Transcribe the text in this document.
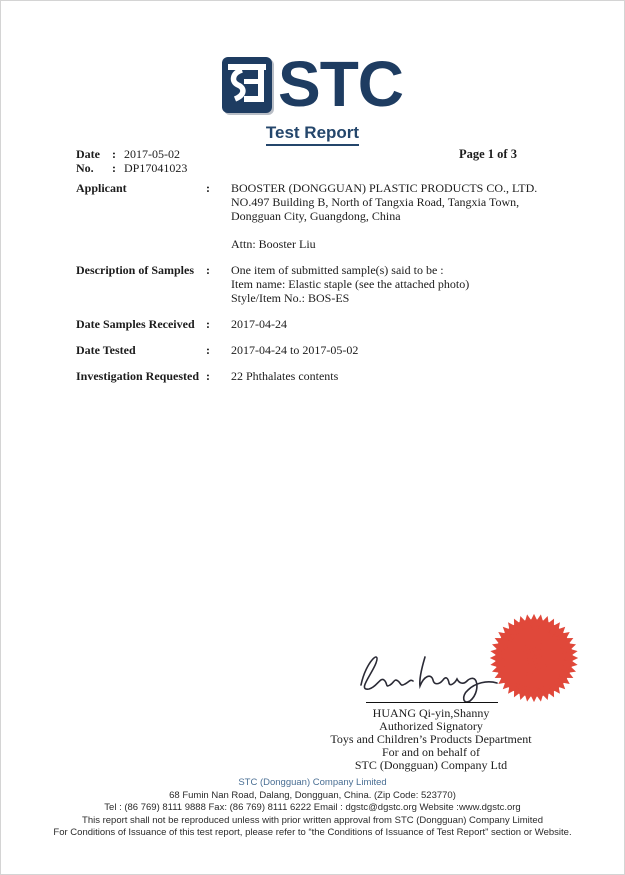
STC
Test Report
Date	: 2017-05-02
No.	: DP17041023
Page 1 of 3
Applicant	:	BOOSTER (DONGGUAN) PLASTIC PRODUCTS CO., LTD.
NO.497 Building B, North of Tangxia Road, Tangxia Town,
Dongguan City, Guangdong, China
Attn: Booster Liu
Description of Samples	:	One item of submitted sample(s) said to be :
Item name: Elastic staple (see the attached photo)
Style/Item No.: BOS-ES
Date Samples Received :	2017-04-24
Date Tested	:	2017-04-24 to 2017-05-02
Investigation Requested :	22 Phthalates contents
· STC (DONGGUAN) COMPANY LIMITED
HUANG Qi-yin,Shanny
Authorized Signatory
Toys and Children’s Products Department
For and on behalf of
STC (Dongguan) Company Ltd
STC (Dongguan) Company Limited
68 Fumin Nan Road, Dalang, Dongguan, China. (Zip Code: 523770)
Tel : (86 769) 8111 9888 Fax: (86 769) 8111 6222 Email : dgstc@dgstc.org Website :www.dgstc.org
This report shall not be reproduced unless with prior written approval from STC (Dongguan) Company Limited
For Conditions of Issuance of this test report, please refer to “the Conditions of Issuance of Test Report” section or Website.
